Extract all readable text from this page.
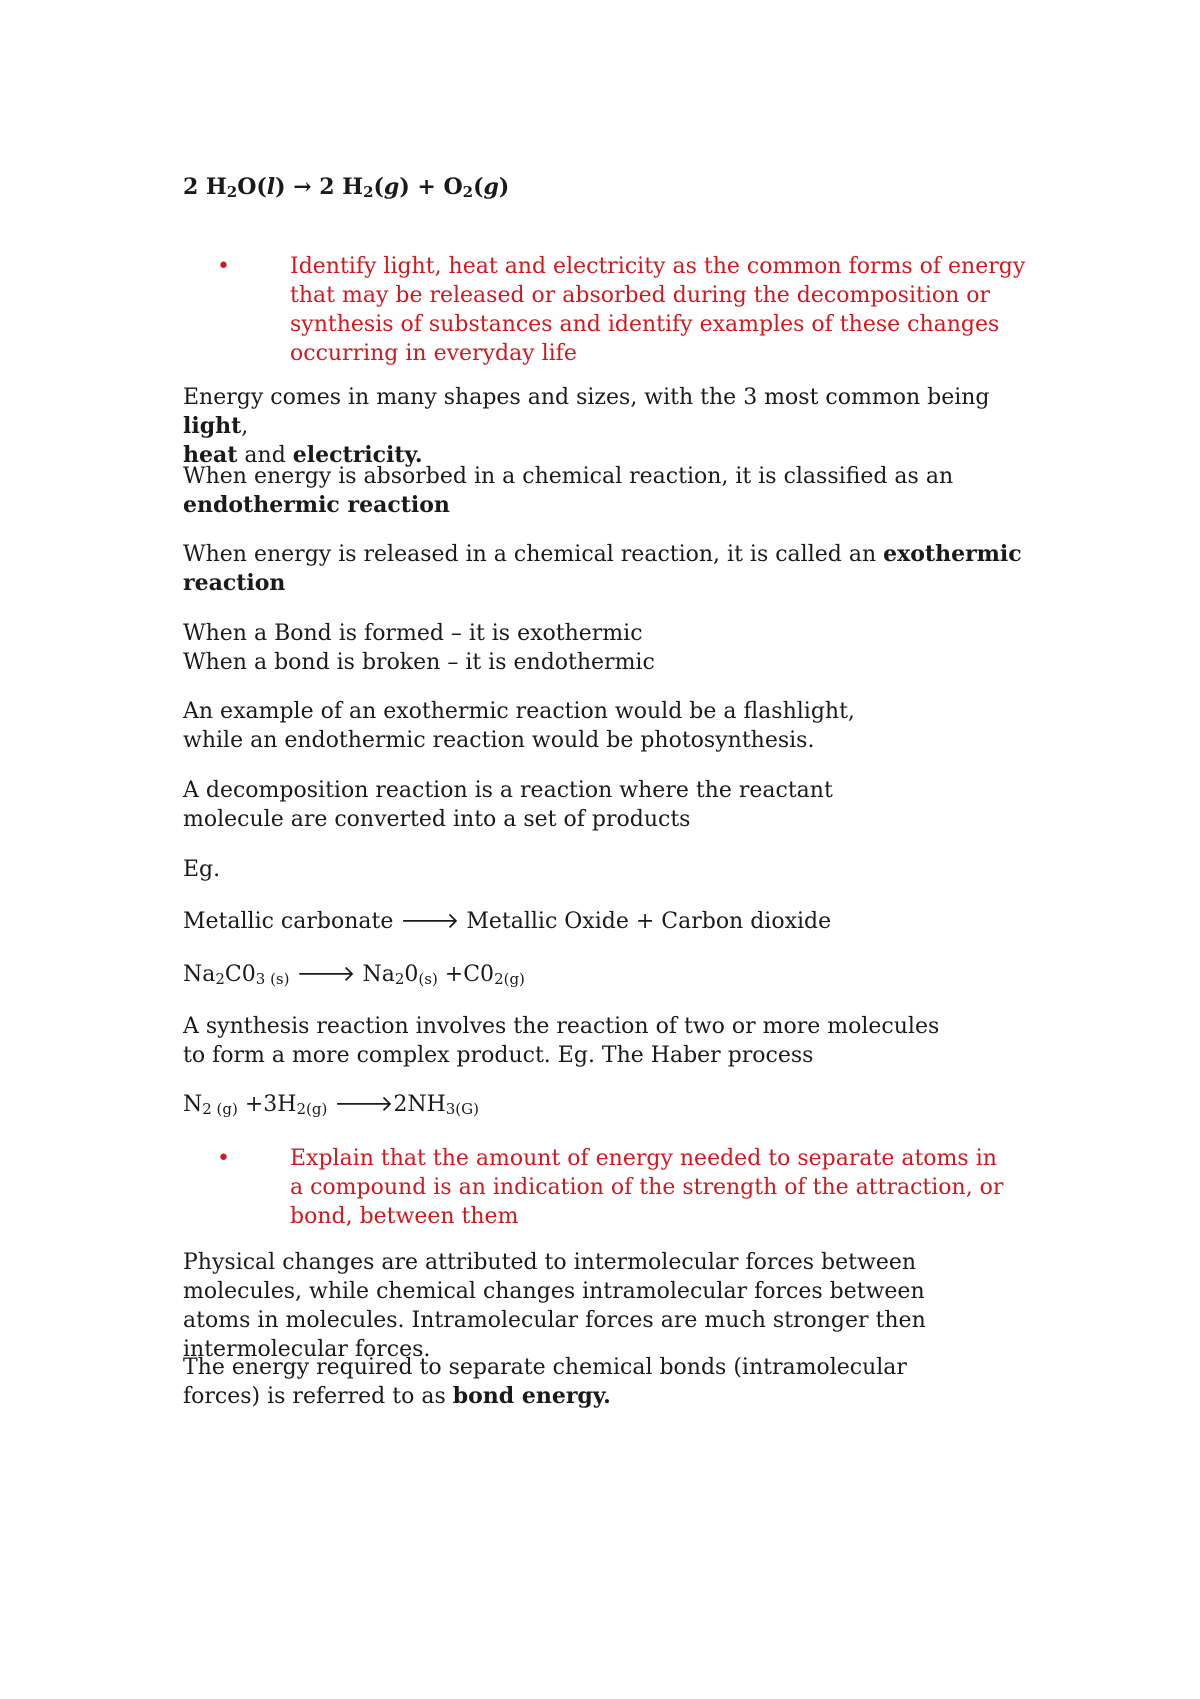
2 $H_2O(l) \to 2$ $H_2(g) + O_2(g)$
•	Identify light, heat and electricity as the common forms of energy that may be released or absorbed during the decomposition or synthesis of substances and identify examples of these changes occurring in everyday life
Energy comes in many shapes and sizes, with the 3 most common being light,
heat and electricity.
When energy is absorbed in a chemical reaction, it is classified as an
endothermic reaction
When energy is released in a chemical reaction, it is called an exothermic reaction
When a Bond is formed – it is exothermic
When a bond is broken – it is endothermic
An example of an exothermic reaction would be a flashlight, while an endothermic reaction would be photosynthesis.
A decomposition reaction is a reaction where the reactant molecule are converted into a set of products
Eg.
Metallic carbonate 🡒 Metallic Oxide + Carbon dioxide
$Na_2C0_{3 (s)}$ 🡒 $Na_20_{(s)} +C0_{2(g)}$
A synthesis reaction involves the reaction of two or more molecules to form a more complex product. Eg. The Haber process
$N_{2 (g)} +3H_{2(g)}$ $🡒2NH_{3(G)}$
•	Explain that the amount of energy needed to separate atoms in a compound is an indication of the strength of the attraction, or bond, between them
Physical changes are attributed to intermolecular forces between molecules, while chemical changes intramolecular forces between atoms in molecules. Intramolecular forces are much stronger then intermolecular forces.
The energy required to separate chemical bonds (intramolecular forces) is referred to as bond energy.
